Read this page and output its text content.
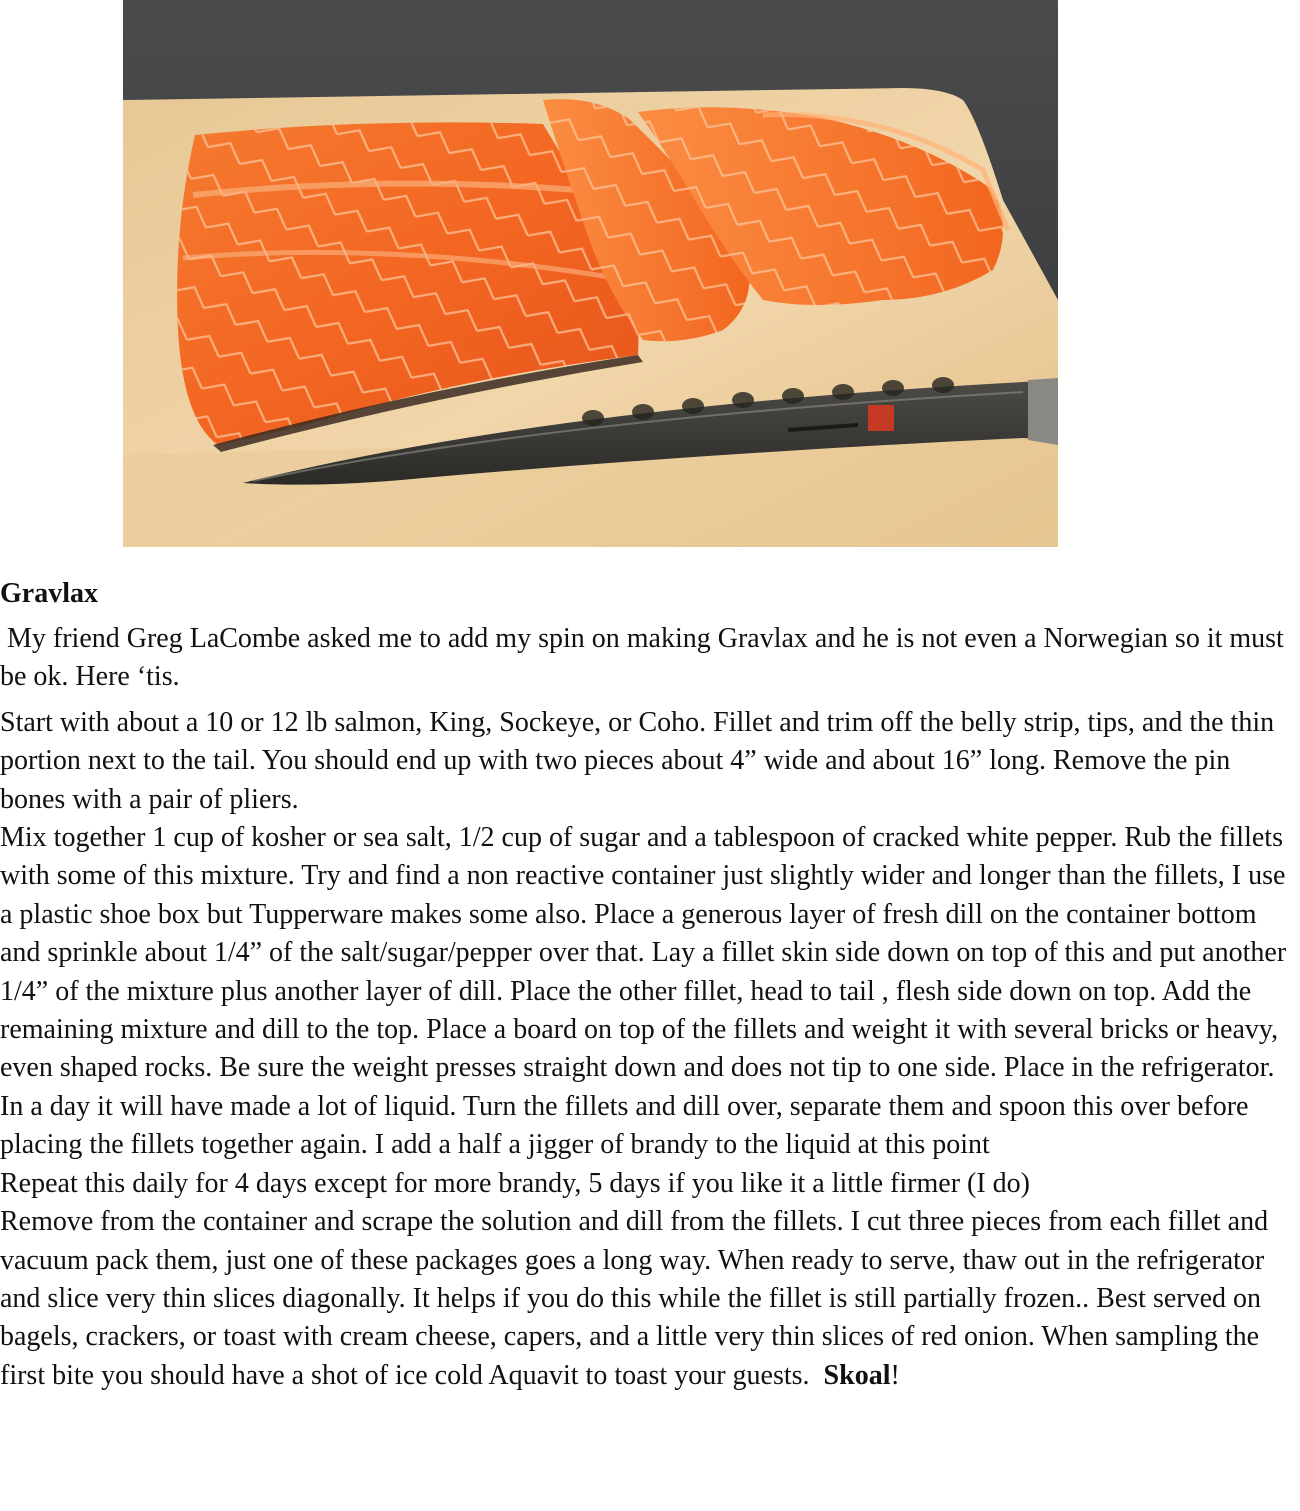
Gravlax

My friend Greg LaCombe asked me to add my spin on making Gravlax and he is not even a Norwegian so it must be ok. Here ‘tis.

Start with about a 10 or 12 lb salmon, King, Sockeye, or Coho. Fillet and trim off the belly strip, tips, and the thin portion next to the tail. You should end up with two pieces about 4” wide and about 16” long. Remove the pin bones with a pair of pliers.

Mix together 1 cup of kosher or sea salt, 1/2 cup of sugar and a tablespoon of cracked white pepper. Rub the fillets with some of this mixture. Try and find a non reactive container just slightly wider and longer than the fillets, I use a plastic shoe box but Tupperware makes some also. Place a generous layer of fresh dill on the container bottom and sprinkle about 1/4” of the salt/sugar/pepper over that. Lay a fillet skin side down on top of this and put another 1/4” of the mixture plus another layer of dill. Place the other fillet, head to tail , flesh side down on top. Add the remaining mixture and dill to the top. Place a board on top of the fillets and weight it with several bricks or heavy, even shaped rocks. Be sure the weight presses straight down and does not tip to one side. Place in the refrigerator. In a day it will have made a lot of liquid. Turn the fillets and dill over, separate them and spoon this over before placing the fillets together again. I add a half a jigger of brandy to the liquid at this point

Repeat this daily for 4 days except for more brandy, 5 days if you like it a little firmer (I do)

Remove from the container and scrape the solution and dill from the fillets. I cut three pieces from each fillet and vacuum pack them, just one of these packages goes a long way. When ready to serve, thaw out in the refrigerator and slice very thin slices diagonally. It helps if you do this while the fillet is still partially frozen.. Best served on bagels, crackers, or toast with cream cheese, capers, and a little very thin slices of red onion. When sampling the first bite you should have a shot of ice cold Aquavit to toast your guests. Skoal!
